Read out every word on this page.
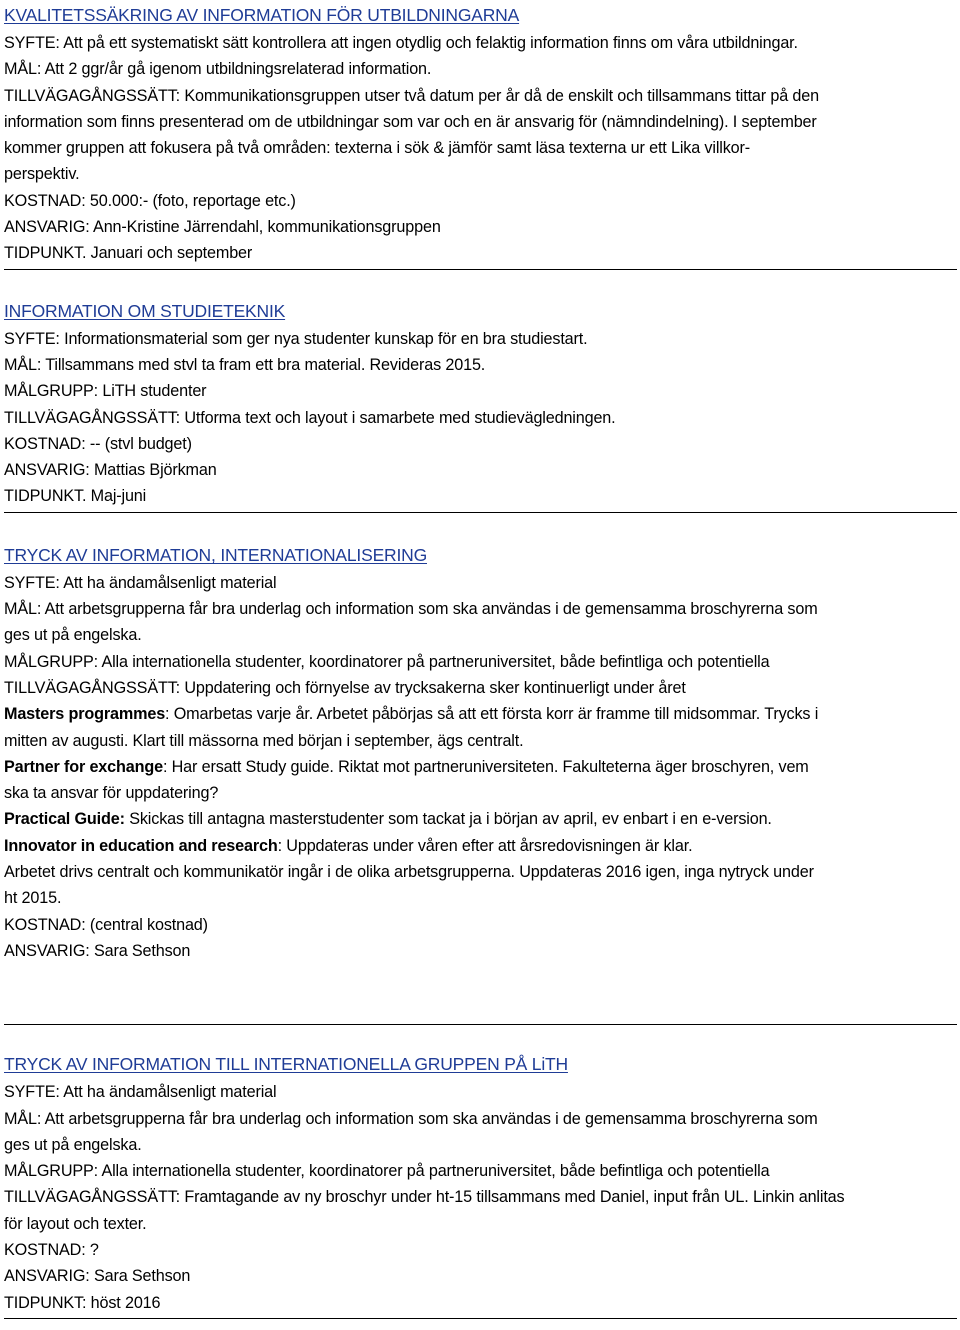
KVALITETSSÄKRING AV INFORMATION FÖR UTBILDNINGARNA
SYFTE: Att på ett systematiskt sätt kontrollera att ingen otydlig och felaktig information finns om våra utbildningar.
MÅL: Att 2 ggr/år gå igenom utbildningsrelaterad information.
TILLVÄGAGÅNGSSÄTT: Kommunikationsgruppen utser två datum per år då de enskilt och tillsammans tittar på den
information som finns presenterad om de utbildningar som var och en är ansvarig för (nämndindelning). I september
kommer gruppen att fokusera på två områden: texterna i sök & jämför samt läsa texterna ur ett Lika villkor-
perspektiv.
KOSTNAD: 50.000:- (foto, reportage etc.)
ANSVARIG: Ann-Kristine Järrendahl, kommunikationsgruppen
TIDPUNKT. Januari och september
INFORMATION OM STUDIETEKNIK
SYFTE: Informationsmaterial som ger nya studenter kunskap för en bra studiestart.
MÅL: Tillsammans med stvl ta fram ett bra material. Revideras 2015.
MÅLGRUPP: LiTH studenter
TILLVÄGAGÅNGSSÄTT: Utforma text och layout i samarbete med studievägledningen.
KOSTNAD: -- (stvl budget)
ANSVARIG: Mattias Björkman
TIDPUNKT. Maj-juni
TRYCK AV INFORMATION, INTERNATIONALISERING
SYFTE: Att ha ändamålsenligt material
MÅL: Att arbetsgrupperna får bra underlag och information som ska användas i de gemensamma broschyrerna som
ges ut på engelska.
MÅLGRUPP: Alla internationella studenter, koordinatorer på partneruniversitet, både befintliga och potentiella
TILLVÄGAGÅNGSSÄTT: Uppdatering och förnyelse av trycksakerna sker kontinuerligt under året
Masters programmes: Omarbetas varje år. Arbetet påbörjas så att ett första korr är framme till midsommar. Trycks i
mitten av augusti. Klart till mässorna med början i september, ägs centralt.
Partner for exchange: Har ersatt Study guide. Riktat mot partneruniversiteten. Fakulteterna äger broschyren, vem
ska ta ansvar för uppdatering?
Practical Guide: Skickas till antagna masterstudenter som tackat ja i början av april, ev enbart i en e-version.
Innovator in education and research: Uppdateras under våren efter att årsredovisningen är klar.
Arbetet drivs centralt och kommunikatör ingår i de olika arbetsgrupperna. Uppdateras 2016 igen, inga nytryck under
ht 2015.
KOSTNAD: (central kostnad)
ANSVARIG: Sara Sethson
TRYCK AV INFORMATION TILL INTERNATIONELLA GRUPPEN PÅ LiTH
SYFTE: Att ha ändamålsenligt material
MÅL: Att arbetsgrupperna får bra underlag och information som ska användas i de gemensamma broschyrerna som
ges ut på engelska.
MÅLGRUPP: Alla internationella studenter, koordinatorer på partneruniversitet, både befintliga och potentiella
TILLVÄGAGÅNGSSÄTT: Framtagande av ny broschyr under ht-15 tillsammans med Daniel, input från UL. Linkin anlitas
för layout och texter.
KOSTNAD: ?
ANSVARIG: Sara Sethson
TIDPUNKT: höst 2016
